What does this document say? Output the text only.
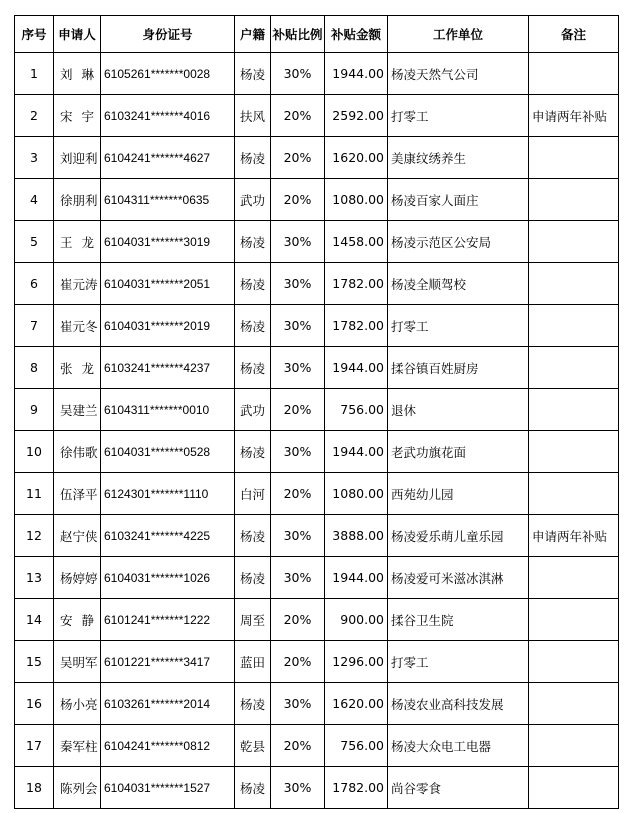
序号	申请人	身份证号	户籍	补贴比例	补贴金额	工作单位	备注
1	刘 琳	6105261*******0028	杨凌	30%	1944.00	杨凌天然气公司	
2	宋 宇	6103241*******4016	扶风	20%	2592.00	打零工	申请两年补贴
3	刘迎利	6104241*******4627	杨凌	20%	1620.00	美康纹绣养生	
4	徐朋利	6104311*******0635	武功	20%	1080.00	杨凌百家人面庄	
5	王 龙	6104031*******3019	杨凌	30%	1458.00	杨凌示范区公安局	
6	崔元涛	6104031*******2051	杨凌	30%	1782.00	杨凌全顺驾校	
7	崔元冬	6104031*******2019	杨凌	30%	1782.00	打零工	
8	张 龙	6103241*******4237	杨凌	30%	1944.00	揉谷镇百姓厨房	
9	吴建兰	6104311*******0010	武功	20%	756.00	退休	
10	徐伟歌	6104031*******0528	杨凌	30%	1944.00	老武功旗花面	
11	伍泽平	6124301*******1110	白河	20%	1080.00	西苑幼儿园	
12	赵宁侠	6103241*******4225	杨凌	30%	3888.00	杨凌爱乐萌儿童乐园	申请两年补贴
13	杨婷婷	6104031*******1026	杨凌	30%	1944.00	杨凌爱可米滋冰淇淋	
14	安 静	6101241*******1222	周至	20%	900.00	揉谷卫生院	
15	吴明军	6101221*******3417	蓝田	20%	1296.00	打零工	
16	杨小亮	6103261*******2014	杨凌	30%	1620.00	杨凌农业高科技发展	
17	秦军柱	6104241*******0812	乾县	20%	756.00	杨凌大众电工电器	
18	陈列会	6104031*******1527	杨凌	30%	1782.00	尚谷零食	
